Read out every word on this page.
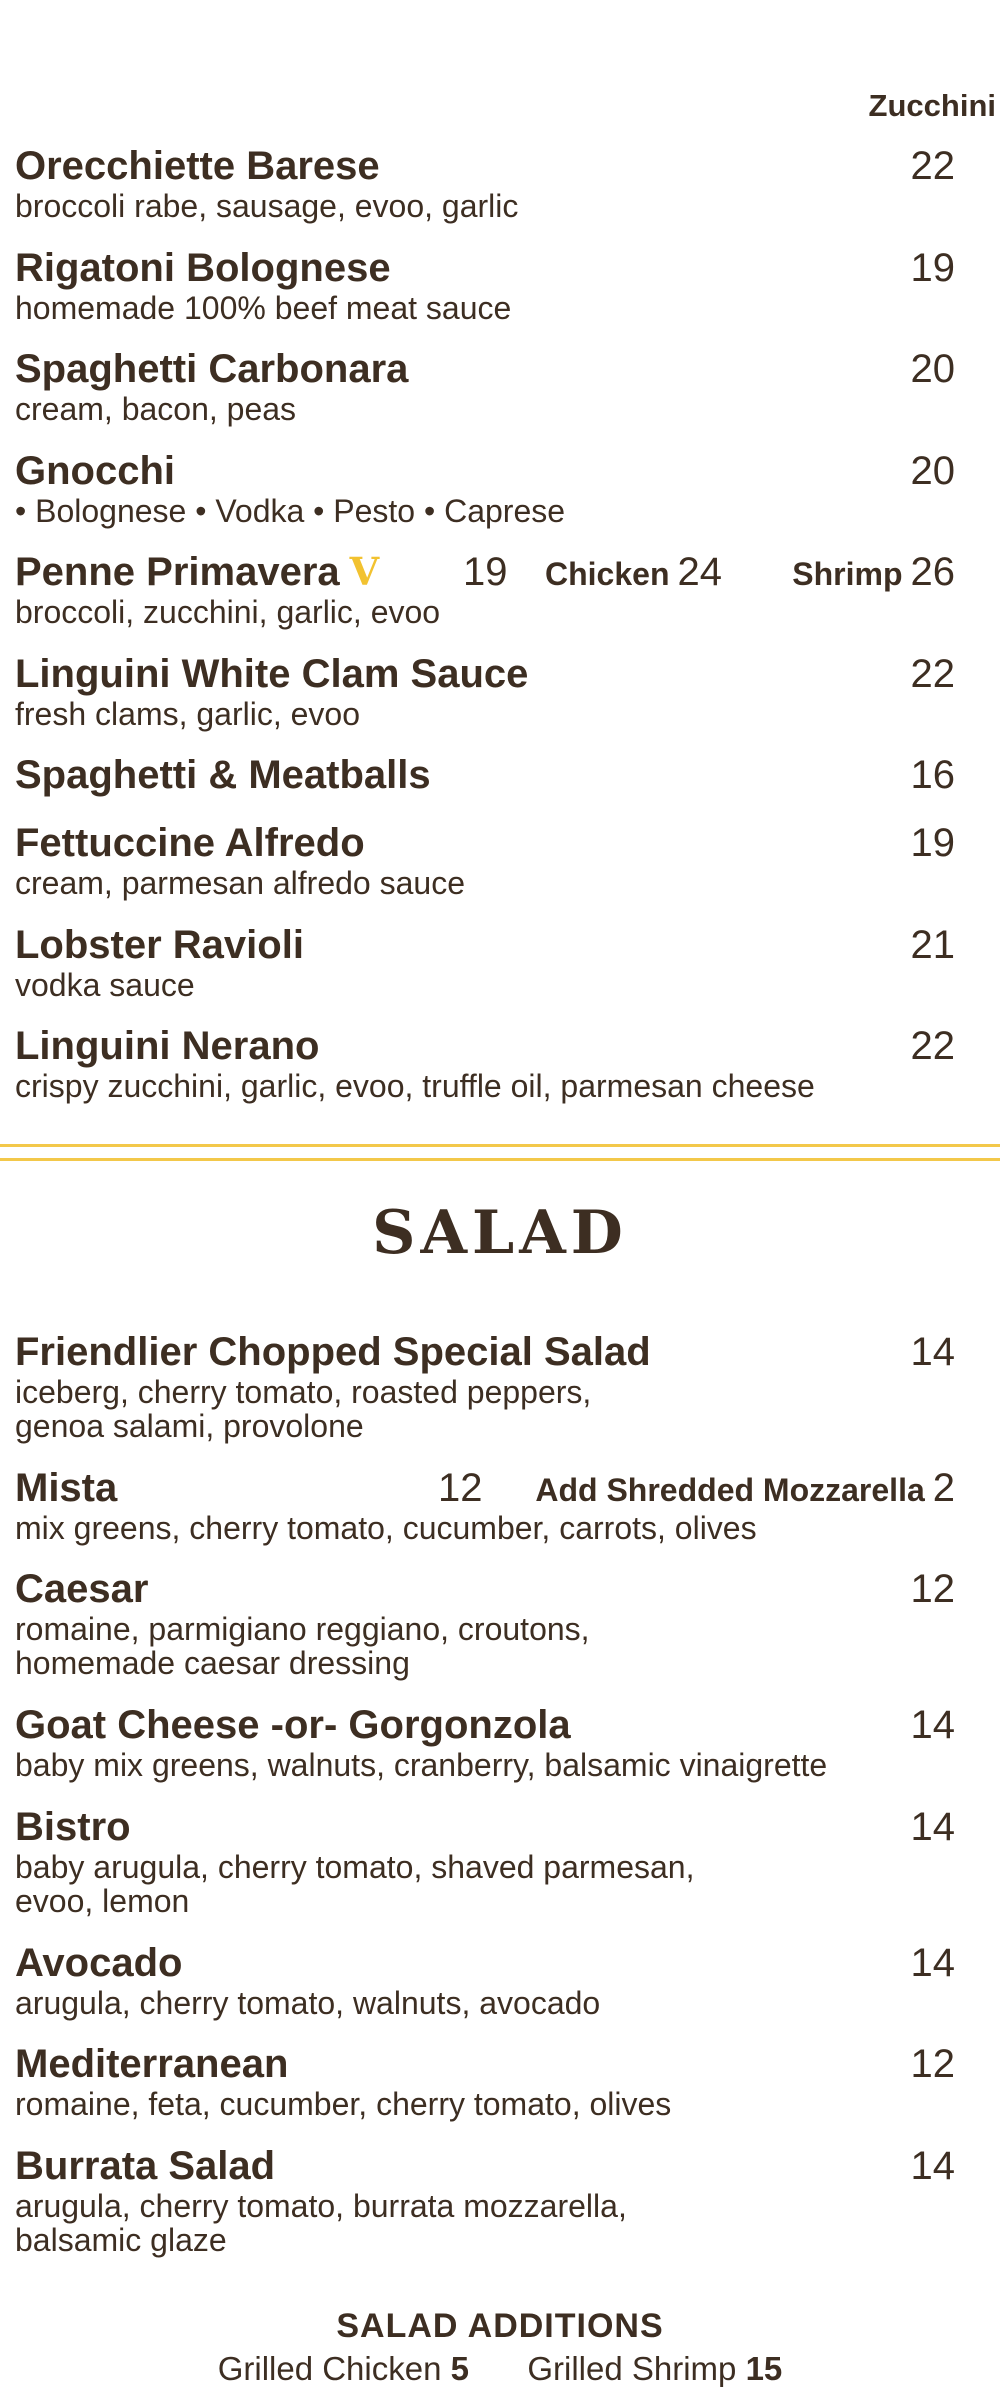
Zucchini
Orecchiette Barese	22
broccoli rabe, sausage, evoo, garlic
Rigatoni Bolognese	19
homemade 100% beef meat sauce
Spaghetti Carbonara	20
cream, bacon, peas
Gnocchi	20
• Bolognese • Vodka • Pesto • Caprese
Penne Primavera V 19 Chicken 24 Shrimp 26
broccoli, zucchini, garlic, evoo
Linguini White Clam Sauce	22
fresh clams, garlic, evoo
Spaghetti & Meatballs	16
Fettuccine Alfredo	19
cream, parmesan alfredo sauce
Lobster Ravioli	21
vodka sauce
Linguini Nerano	22
crispy zucchini, garlic, evoo, truffle oil, parmesan cheese
SALAD
Friendlier Chopped Special Salad	14
iceberg, cherry tomato, roasted peppers,
genoa salami, provolone
Mista	12 Add Shredded Mozzarella 2
mix greens, cherry tomato, cucumber, carrots, olives
Caesar	12
romaine, parmigiano reggiano, croutons,
homemade caesar dressing
Goat Cheese -or- Gorgonzola	14
baby mix greens, walnuts, cranberry, balsamic vinaigrette
Bistro	14
baby arugula, cherry tomato, shaved parmesan,
evoo, lemon
Avocado	14
arugula, cherry tomato, walnuts, avocado
Mediterranean	12
romaine, feta, cucumber, cherry tomato, olives
Burrata Salad	14
arugula, cherry tomato, burrata mozzarella,
balsamic glaze
SALAD ADDITIONS
Grilled Chicken 5 Grilled Shrimp 15
